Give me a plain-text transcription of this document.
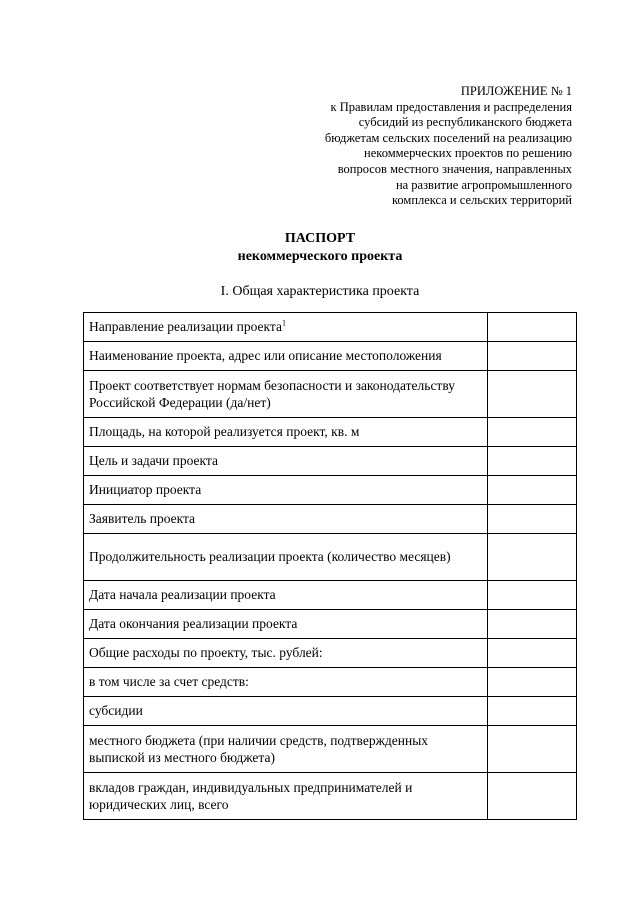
ПРИЛОЖЕНИЕ № 1
к Правилам предоставления и распределения
субсидий из республиканского бюджета
бюджетам сельских поселений на реализацию
некоммерческих проектов по решению
вопросов местного значения, направленных
на развитие агропромышленного
комплекса и сельских территорий
ПАСПОРТ
некоммерческого проекта
I. Общая характеристика проекта
Направление реализации проекта$^1$	
Наименование проекта, адрес или описание местоположения	
Проект соответствует нормам безопасности и законодательству Российской Федерации (да/нет)	
Площадь, на которой реализуется проект, кв. м	
Цель и задачи проекта	
Инициатор проекта	
Заявитель проекта	
Продолжительность реализации проекта (количество месяцев)	
Дата начала реализации проекта	
Дата окончания реализации проекта	
Общие расходы по проекту, тыс. рублей:	
в том числе за счет средств:	
субсидии	
местного бюджета (при наличии средств, подтвержденных выпиской из местного бюджета)	
вкладов граждан, индивидуальных предпринимателей и юридических лиц, всего	
